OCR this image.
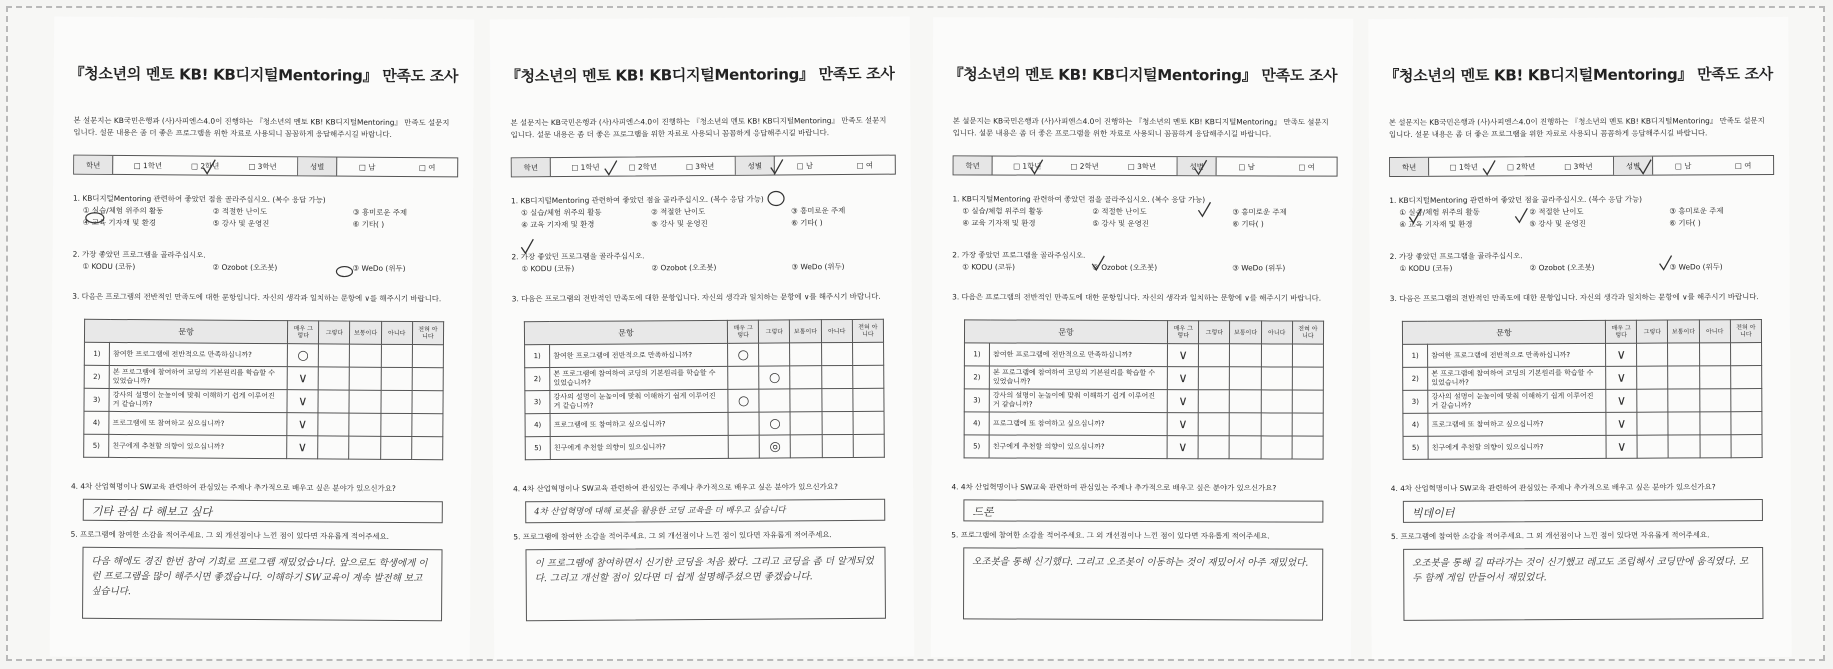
『청소년의 멘토 KB! KB디지털Mentoring』 만족도 조사
본 설문지는 KB국민은행과 (사)사피엔스4.0이 진행하는 『청소년의 멘토 KB! KB디지털Mentoring』 만족도 설문지 입니다. 설문 내용은 좀 더 좋은 프로그램을 위한 자료로 사용되니 꼼꼼하게 응답해주시길 바랍니다.
학년	□ 1학년	□ 2학년	□ 3학년	성별	□ 남	□ 여
1. KB디지털Mentoring 관련하여 좋았던 점을 골라주십시오. (복수 응답 가능)
① 실습/체험 위주의 활동	② 적절한 난이도	③ 흥미로운 주제
④ 교육 기자재 및 환경	⑤ 강사 및 운영진	⑥ 기타( )
2. 가장 좋았던 프로그램을 골라주십시오.
① KODU (코듀)	② Ozobot (오조봇)	③ WeDo (위두)
3. 다음은 프로그램의 전반적인 만족도에 대한 문항입니다. 자신의 생각과 일치하는 문항에 ∨를 해주시기 바랍니다.
문항		매우 그렇다	그렇다	보통이다	아니다	전혀 아니다
1)	참여한 프로그램에 전반적으로 만족하십니까?	○				
2)	본 프로그램에 참여하여 코딩의 기본원리를 학습할 수 있었습니까?	∨				
3)	강사의 설명이 눈높이에 맞춰 이해하기 쉽게 이루어진 거 같습니까?	∨				
4)	프로그램에 또 참여하고 싶으십니까?	∨				
5)	친구에게 추천할 의향이 있으십니까?	∨				
4. 4차 산업혁명이나 SW교육 관련하여 관심있는 주제나 추가적으로 배우고 싶은 분야가 있으신가요?
기타 관심 다 해보고 싶다
5. 프로그램에 참여한 소감을 적어주세요. 그 외 개선점이나 느낀 점이 있다면 자유롭게 적어주세요.
다음 해에도 경진 한번 참여 기회로 프로그램 재밌었습니다. 앞으로도 학생에게 이런 프로그램을 많이 해주시면 좋겠습니다. 이해하기 SW교육이 계속 발전해 보고 싶습니다.
『청소년의 멘토 KB! KB디지털Mentoring』 만족도 조사
본 설문지는 KB국민은행과 (사)사피엔스4.0이 진행하는 『청소년의 멘토 KB! KB디지털Mentoring』 만족도 설문지 입니다. 설문 내용은 좀 더 좋은 프로그램을 위한 자료로 사용되니 꼼꼼하게 응답해주시길 바랍니다.
학년	□ 1학년	□ 2학년	□ 3학년	성별	□ 남	□ 여
1. KB디지털Mentoring 관련하여 좋았던 점을 골라주십시오. (복수 응답 가능)
① 실습/체험 위주의 활동	② 적절한 난이도	③ 흥미로운 주제
④ 교육 기자재 및 환경	⑤ 강사 및 운영진	⑥ 기타( )
2. 가장 좋았던 프로그램을 골라주십시오.
① KODU (코듀)	② Ozobot (오조봇)	③ WeDo (위두)
3. 다음은 프로그램의 전반적인 만족도에 대한 문항입니다. 자신의 생각과 일치하는 문항에 ∨를 해주시기 바랍니다.
문항		매우 그렇다	그렇다	보통이다	아니다	전혀 아니다
1)	참여한 프로그램에 전반적으로 만족하십니까?	○				
2)	본 프로그램에 참여하여 코딩의 기본원리를 학습할 수 있었습니까?		○			
3)	강사의 설명이 눈높이에 맞춰 이해하기 쉽게 이루어진 거 같습니까?	○				
4)	프로그램에 또 참여하고 싶으십니까?		○			
5)	친구에게 추천할 의향이 있으십니까?		◎			
4. 4차 산업혁명이나 SW교육 관련하여 관심있는 주제나 추가적으로 배우고 싶은 분야가 있으신가요?
4차 산업혁명에 대해 로봇을 활용한 코딩 교육을 더 배우고 싶습니다
5. 프로그램에 참여한 소감을 적어주세요. 그 외 개선점이나 느낀 점이 있다면 자유롭게 적어주세요.
이 프로그램에 참여하면서 신기한 코딩을 처음 봤다. 그리고 코딩을 좀 더 알게되었다. 그리고 개선할 점이 있다면 더 쉽게 설명해주셨으면 좋겠습니다.
『청소년의 멘토 KB! KB디지털Mentoring』 만족도 조사
본 설문지는 KB국민은행과 (사)사피엔스4.0이 진행하는 『청소년의 멘토 KB! KB디지털Mentoring』 만족도 설문지 입니다. 설문 내용은 좀 더 좋은 프로그램을 위한 자료로 사용되니 꼼꼼하게 응답해주시길 바랍니다.
학년	□ 1학년	□ 2학년	□ 3학년	성별	□ 남	□ 여
1. KB디지털Mentoring 관련하여 좋았던 점을 골라주십시오. (복수 응답 가능)
① 실습/체험 위주의 활동	② 적절한 난이도	③ 흥미로운 주제
④ 교육 기자재 및 환경	⑤ 강사 및 운영진	⑥ 기타( )
2. 가장 좋았던 프로그램을 골라주십시오.
① KODU (코듀)	② Ozobot (오조봇)	③ WeDo (위두)
3. 다음은 프로그램의 전반적인 만족도에 대한 문항입니다. 자신의 생각과 일치하는 문항에 ∨를 해주시기 바랍니다.
문항		매우 그렇다	그렇다	보통이다	아니다	전혀 아니다
1)	참여한 프로그램에 전반적으로 만족하십니까?	∨				
2)	본 프로그램에 참여하여 코딩의 기본원리를 학습할 수 있었습니까?	∨				
3)	강사의 설명이 눈높이에 맞춰 이해하기 쉽게 이루어진 거 같습니까?	∨				
4)	프로그램에 또 참여하고 싶으십니까?	∨				
5)	친구에게 추천할 의향이 있으십니까?	∨				
4. 4차 산업혁명이나 SW교육 관련하여 관심있는 주제나 추가적으로 배우고 싶은 분야가 있으신가요?
드론
5. 프로그램에 참여한 소감을 적어주세요. 그 외 개선점이나 느낀 점이 있다면 자유롭게 적어주세요.
오조봇을 통해 신기했다. 그리고 오조봇이 이동하는 것이 재밌어서 아주 재밌었다.
『청소년의 멘토 KB! KB디지털Mentoring』 만족도 조사
본 설문지는 KB국민은행과 (사)사피엔스4.0이 진행하는 『청소년의 멘토 KB! KB디지털Mentoring』 만족도 설문지 입니다. 설문 내용은 좀 더 좋은 프로그램을 위한 자료로 사용되니 꼼꼼하게 응답해주시길 바랍니다.
학년	□ 1학년	□ 2학년	□ 3학년	성별	□ 남	□ 여
1. KB디지털Mentoring 관련하여 좋았던 점을 골라주십시오. (복수 응답 가능)
① 실습/체험 위주의 활동	② 적절한 난이도	③ 흥미로운 주제
④ 교육 기자재 및 환경	⑤ 강사 및 운영진	⑥ 기타( )
2. 가장 좋았던 프로그램을 골라주십시오.
① KODU (코듀)	② Ozobot (오조봇)	③ WeDo (위두)
3. 다음은 프로그램의 전반적인 만족도에 대한 문항입니다. 자신의 생각과 일치하는 문항에 ∨를 해주시기 바랍니다.
문항		매우 그렇다	그렇다	보통이다	아니다	전혀 아니다
1)	참여한 프로그램에 전반적으로 만족하십니까?	∨				
2)	본 프로그램에 참여하여 코딩의 기본원리를 학습할 수 있었습니까?	∨				
3)	강사의 설명이 눈높이에 맞춰 이해하기 쉽게 이루어진 거 같습니까?	∨				
4)	프로그램에 또 참여하고 싶으십니까?	∨				
5)	친구에게 추천할 의향이 있으십니까?	∨				
4. 4차 산업혁명이나 SW교육 관련하여 관심있는 주제나 추가적으로 배우고 싶은 분야가 있으신가요?
빅데이터
5. 프로그램에 참여한 소감을 적어주세요. 그 외 개선점이나 느낀 점이 있다면 자유롭게 적어주세요.
오조봇을 통해 길 따라가는 것이 신기했고 레고도 조립해서 코딩만에 움직였다. 모두 함께 게임 만들어서 재밌었다.
